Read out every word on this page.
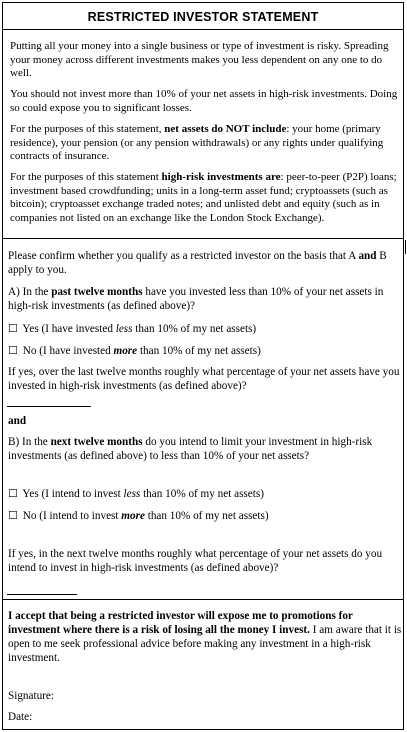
RESTRICTED INVESTOR STATEMENT
Putting all your money into a single business or type of investment is risky. Spreading your money across different investments makes you less dependent on any one to do well.
You should not invest more than 10% of your net assets in high-risk investments. Doing so could expose you to significant losses.
For the purposes of this statement, net assets do NOT include: your home (primary residence), your pension (or any pension withdrawals) or any rights under qualifying contracts of insurance.
For the purposes of this statement high-risk investments are: peer-to-peer (P2P) loans; investment based crowdfunding; units in a long-term asset fund; cryptoassets (such as bitcoin); cryptoasset exchange traded notes; and unlisted debt and equity (such as in companies not listed on an exchange like the London Stock Exchange).
Please confirm whether you qualify as a restricted investor on the basis that A and B apply to you.
A) In the past twelve months have you invested less than 10% of your net assets in high-risk investments (as defined above)?
☐ Yes (I have invested less than 10% of my net assets)
☐ No (I have invested more than 10% of my net assets)
If yes, over the last twelve months roughly what percentage of your net assets have you invested in high-risk investments (as defined above)?
and
B) In the next twelve months do you intend to limit your investment in high-risk investments (as defined above) to less than 10% of your net assets?
☐ Yes (I intend to invest less than 10% of my net assets)
☐ No (I intend to invest more than 10% of my net assets)
If yes, in the next twelve months roughly what percentage of your net assets do you intend to invest in high-risk investments (as defined above)?
I accept that being a restricted investor will expose me to promotions for investment where there is a risk of losing all the money I invest. I am aware that it is open to me seek professional advice before making any investment in a high-risk investment.
Signature:
Date:
